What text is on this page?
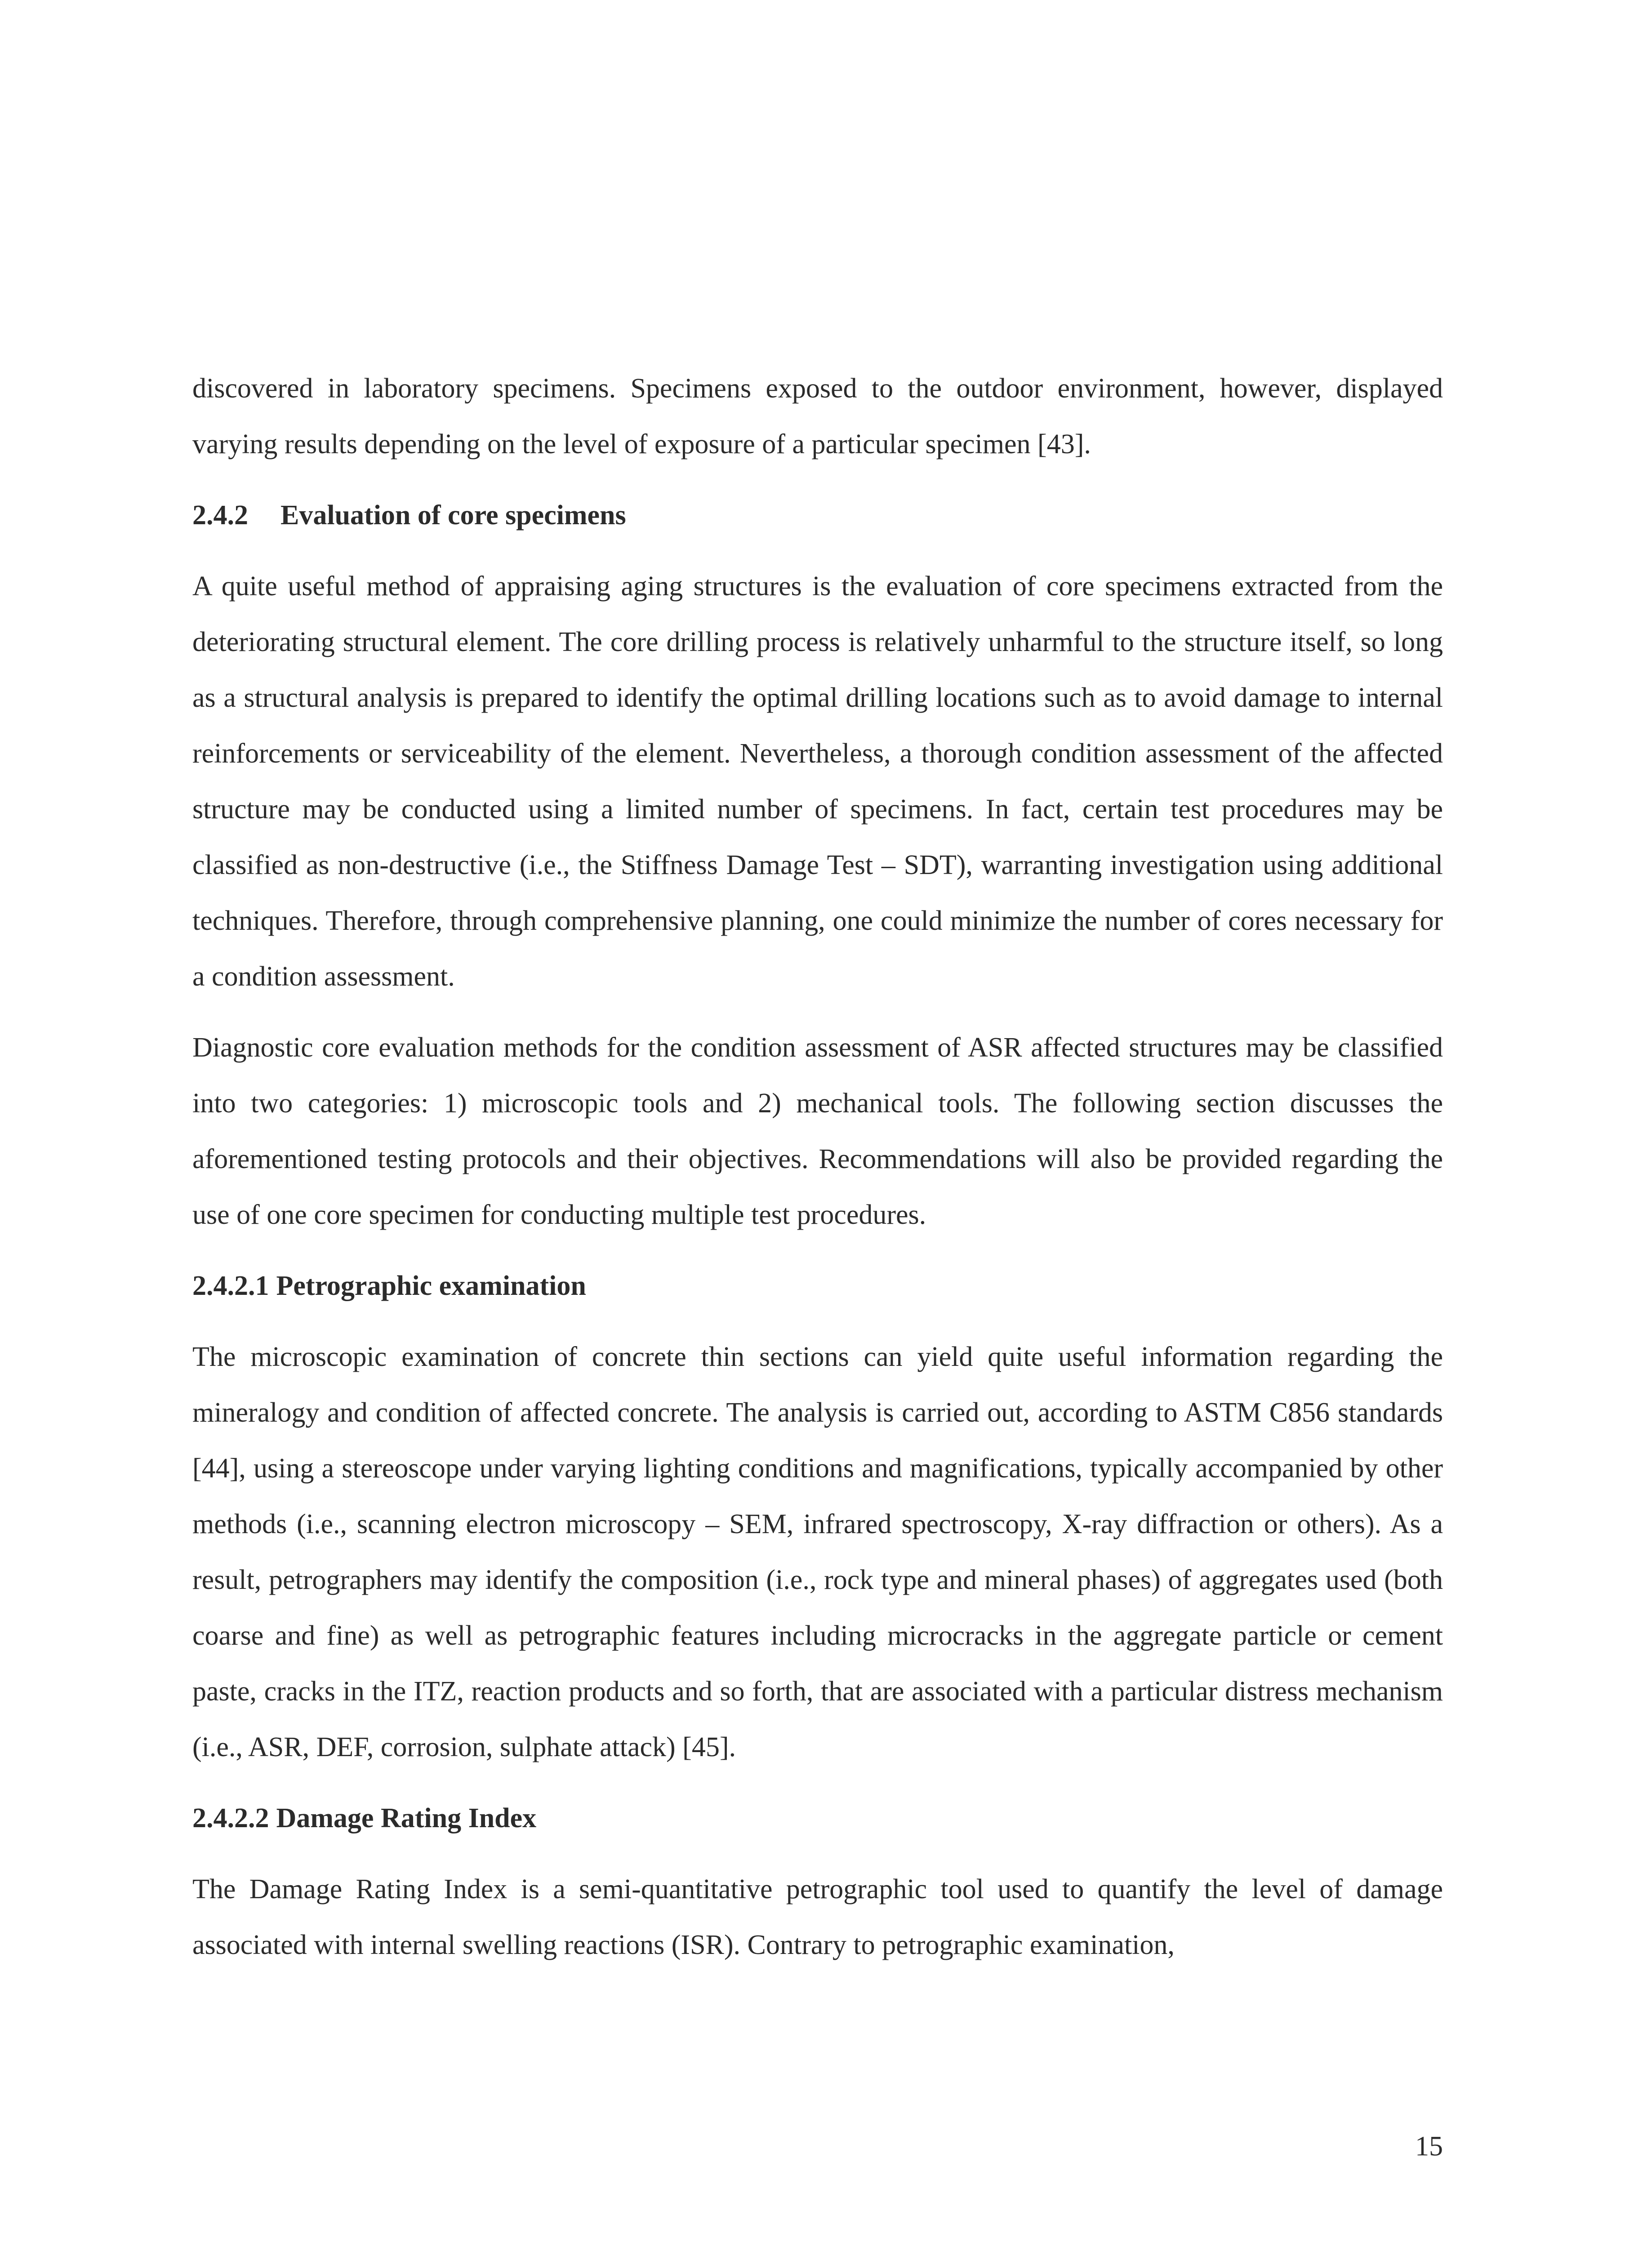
discovered in laboratory specimens. Specimens exposed to the outdoor environment, however, displayed varying results depending on the level of exposure of a particular specimen [43].

2.4.2 Evaluation of core specimens

A quite useful method of appraising aging structures is the evaluation of core specimens extracted from the deteriorating structural element. The core drilling process is relatively unharmful to the structure itself, so long as a structural analysis is prepared to identify the optimal drilling locations such as to avoid damage to internal reinforcements or serviceability of the element. Nevertheless, a thorough condition assessment of the affected structure may be conducted using a limited number of specimens. In fact, certain test procedures may be classified as non-destructive (i.e., the Stiffness Damage Test – SDT), warranting investigation using additional techniques. Therefore, through comprehensive planning, one could minimize the number of cores necessary for a condition assessment.

Diagnostic core evaluation methods for the condition assessment of ASR affected structures may be classified into two categories: 1) microscopic tools and 2) mechanical tools. The following section discusses the aforementioned testing protocols and their objectives. Recommendations will also be provided regarding the use of one core specimen for conducting multiple test procedures.

2.4.2.1 Petrographic examination

The microscopic examination of concrete thin sections can yield quite useful information regarding the mineralogy and condition of affected concrete. The analysis is carried out, according to ASTM C856 standards [44], using a stereoscope under varying lighting conditions and magnifications, typically accompanied by other methods (i.e., scanning electron microscopy – SEM, infrared spectroscopy, X-ray diffraction or others). As a result, petrographers may identify the composition (i.e., rock type and mineral phases) of aggregates used (both coarse and fine) as well as petrographic features including microcracks in the aggregate particle or cement paste, cracks in the ITZ, reaction products and so forth, that are associated with a particular distress mechanism (i.e., ASR, DEF, corrosion, sulphate attack) [45].

2.4.2.2 Damage Rating Index

The Damage Rating Index is a semi-quantitative petrographic tool used to quantify the level of damage associated with internal swelling reactions (ISR). Contrary to petrographic examination,

15
